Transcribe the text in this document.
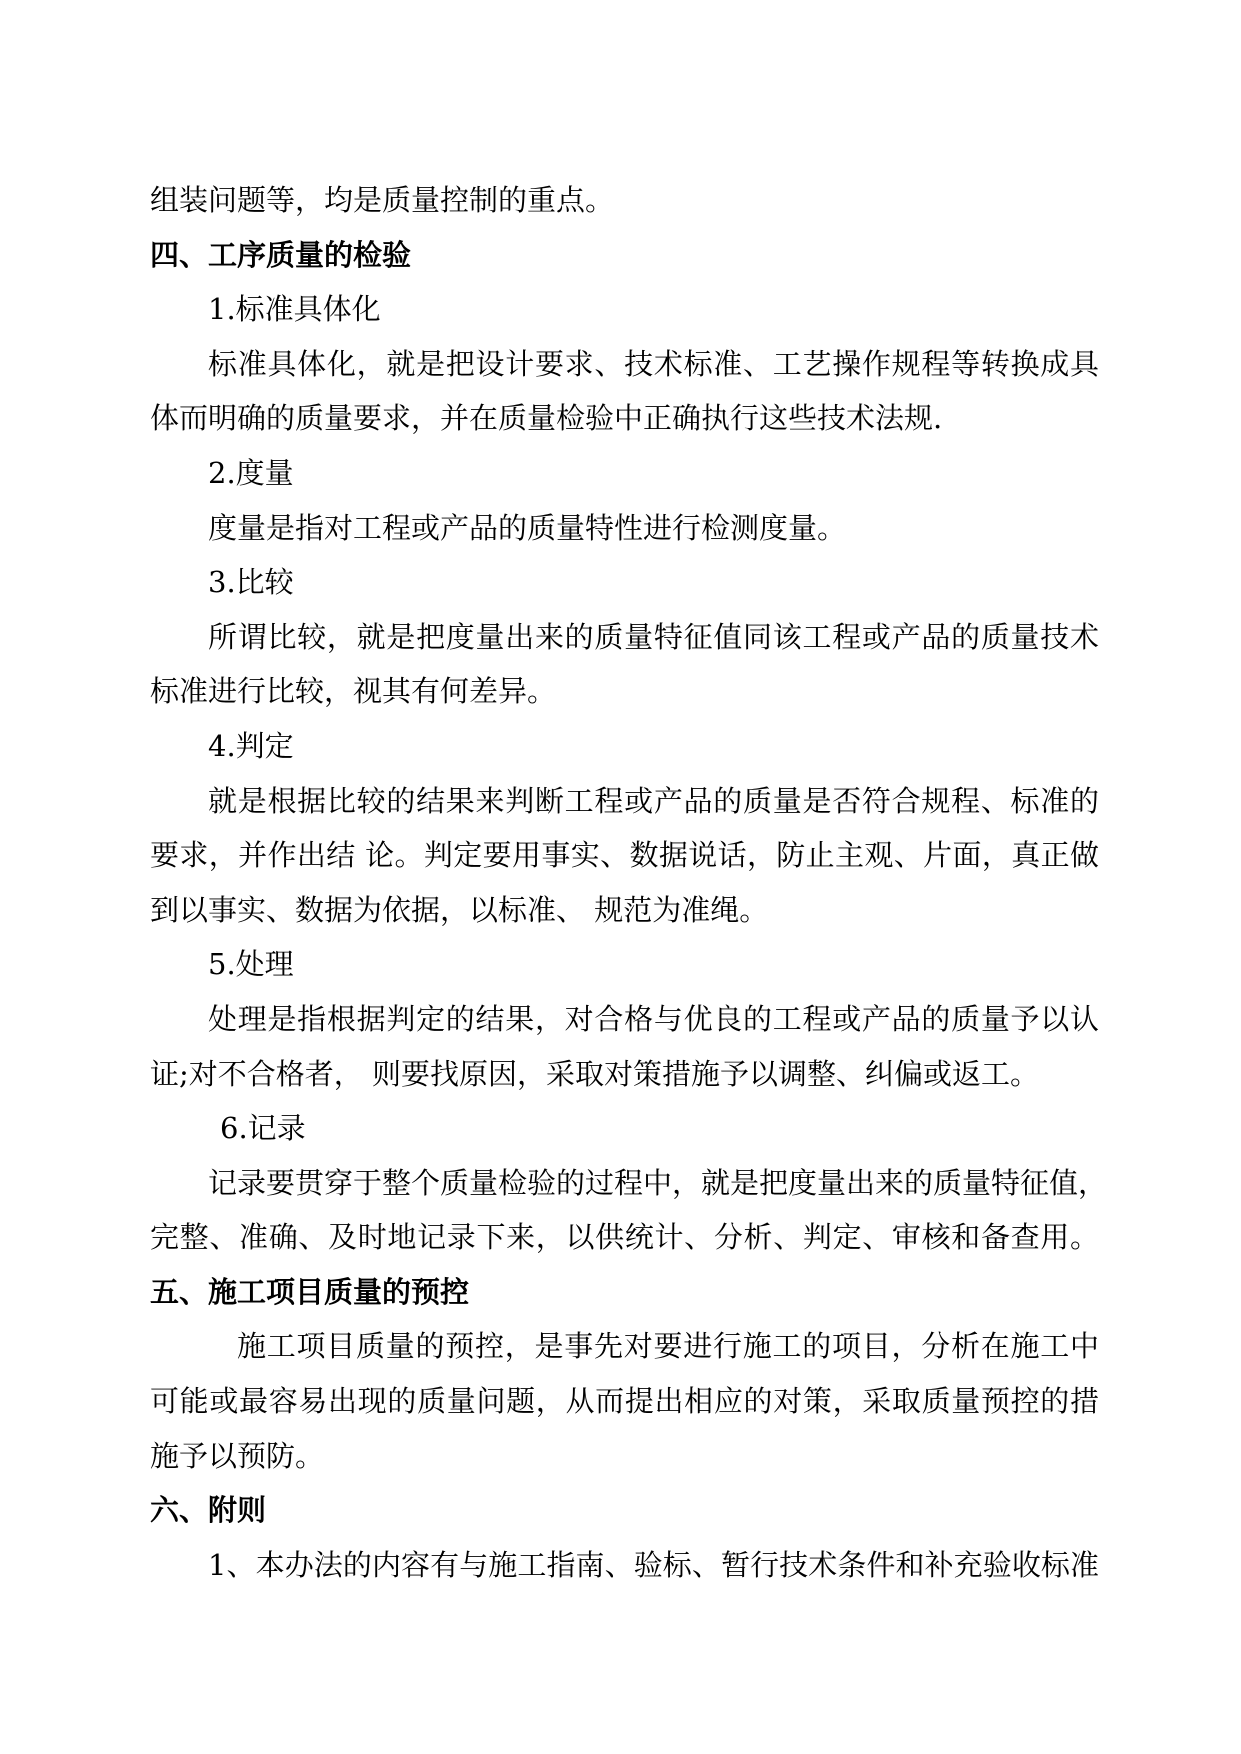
组装问题等，均是质量控制的重点。
四、工序质量的检验
1.标准具体化
标准具体化，就是把设计要求、技术标准、工艺操作规程等转换成具
体而明确的质量要求，并在质量检验中正确执行这些技术法规.
2.度量
度量是指对工程或产品的质量特性进行检测度量。
3.比较
所谓比较，就是把度量出来的质量特征值同该工程或产品的质量技术
标准进行比较，视其有何差异。
4.判定
就是根据比较的结果来判断工程或产品的质量是否符合规程、标准的
要求，并作出结 论。判定要用事实、数据说话，防止主观、片面，真正做
到以事实、数据为依据，以标准、 规范为准绳。
5.处理
处理是指根据判定的结果，对合格与优良的工程或产品的质量予以认
证;对不合格者， 则要找原因，采取对策措施予以调整、纠偏或返工。
6.记录
记录要贯穿于整个质量检验的过程中，就是把度量出来的质量特征值，
完整、准确、及时地记录下来，以供统计、分析、判定、审核和备查用。
五、施工项目质量的预控
施工项目质量的预控，是事先对要进行施工的项目，分析在施工中
可能或最容易出现的质量问题，从而提出相应的对策，采取质量预控的措
施予以预防。
六、附则
1、本办法的内容有与施工指南、验标、暂行技术条件和补充验收标准
